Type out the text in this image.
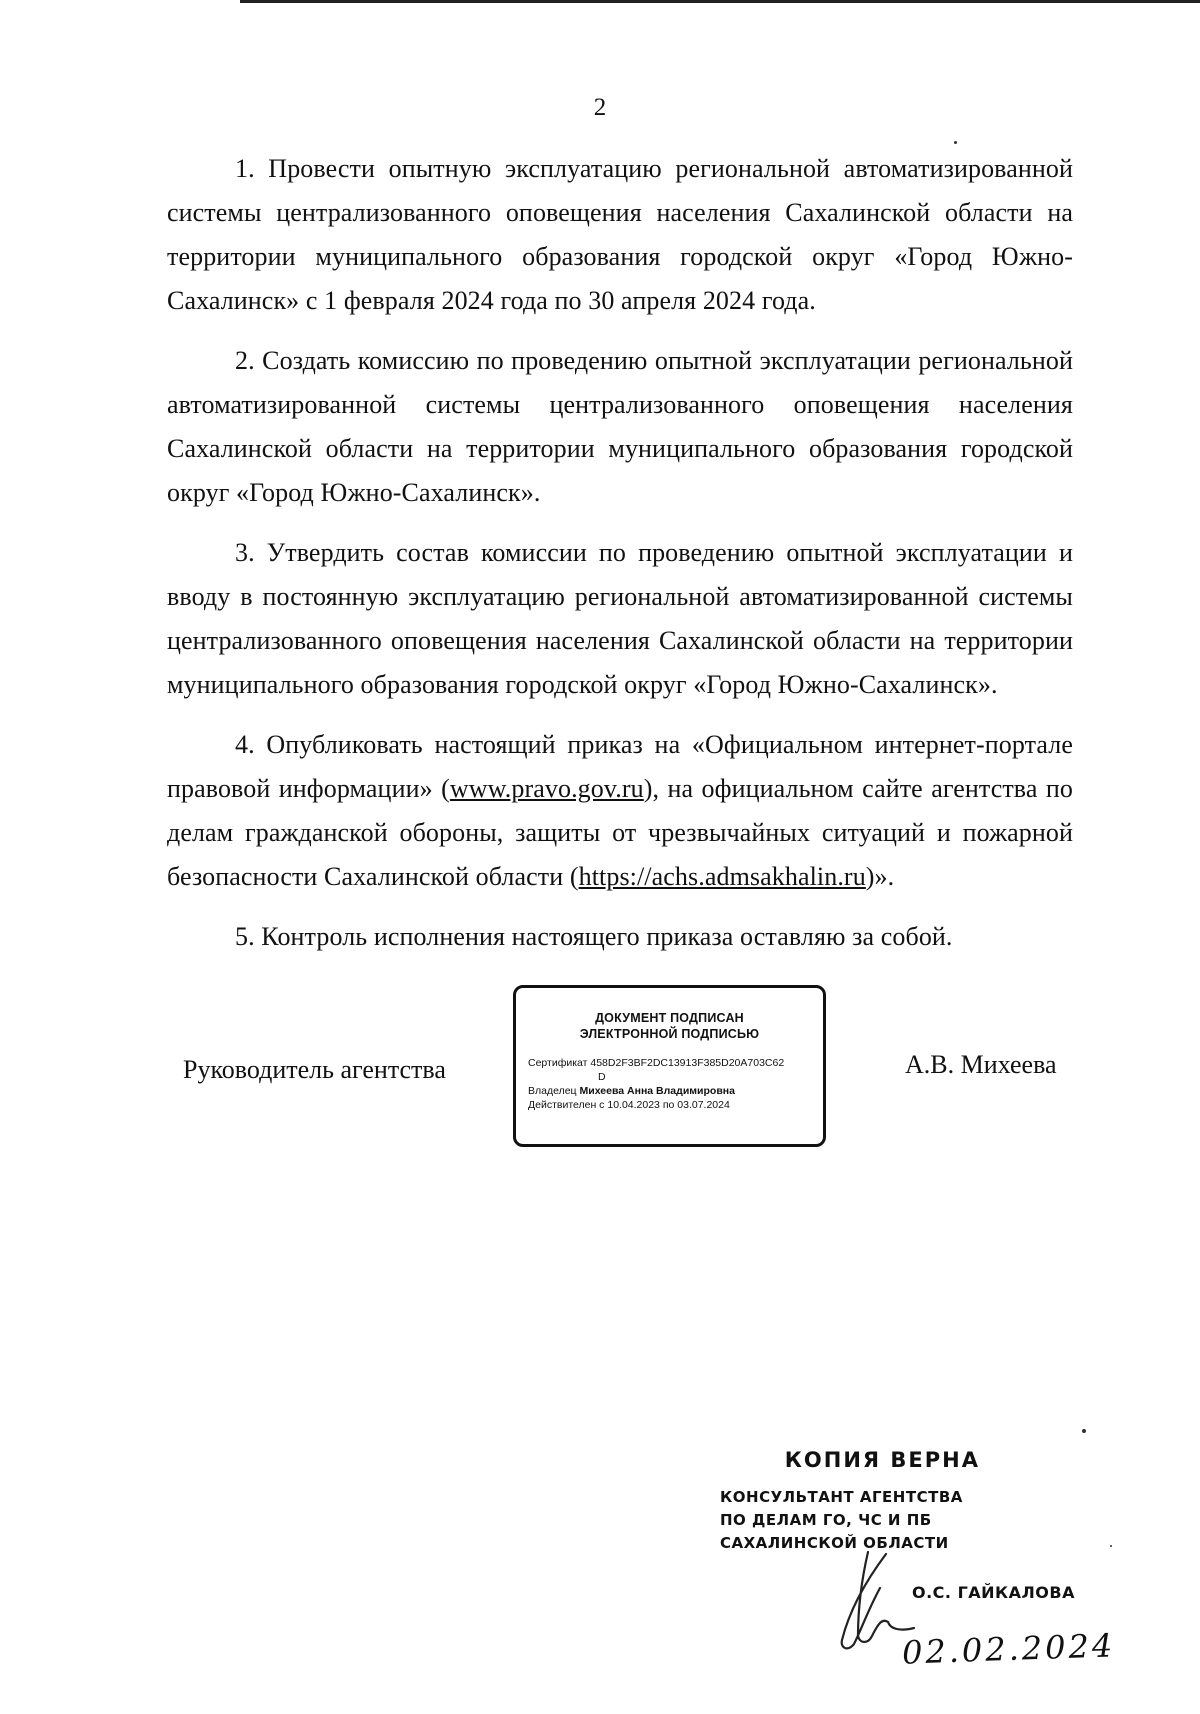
2

1. Провести опытную эксплуатацию региональной автоматизированной системы централизованного оповещения населения Сахалинской области на территории муниципального образования городской округ «Город Южно-Сахалинск» с 1 февраля 2024 года по 30 апреля 2024 года.

2. Создать комиссию по проведению опытной эксплуатации региональной автоматизированной системы централизованного оповещения населения Сахалинской области на территории муниципального образования городской округ «Город Южно-Сахалинск».

3. Утвердить состав комиссии по проведению опытной эксплуатации и вводу в постоянную эксплуатацию региональной автоматизированной системы централизованного оповещения населения Сахалинской области на территории муниципального образования городской округ «Город Южно-Сахалинск».

4. Опубликовать настоящий приказ на «Официальном интернет-портале правовой информации» (www.pravo.gov.ru), на официальном сайте агентства по делам гражданской обороны, защиты от чрезвычайных ситуаций и пожарной безопасности Сахалинской области (https://achs.admsakhalin.ru)».

5. Контроль исполнения настоящего приказа оставляю за собой.

Руководитель агентства
ДОКУМЕНТ ПОДПИСАН
ЭЛЕКТРОННОЙ ПОДПИСЬЮ
Сертификат 458D2F3BF2DC13913F385D20A703C62
D
Владелец Михеева Анна Владимировна
Действителен с 10.04.2023 по 03.07.2024
А.В. Михеева
КОПИЯ ВЕРНА
КОНСУЛЬТАНТ АГЕНТСТВА
ПО ДЕЛАМ ГО, ЧС И ПБ
САХАЛИНСКОЙ ОБЛАСТИ
О.С. ГАЙКАЛОВА
02.02.2024
